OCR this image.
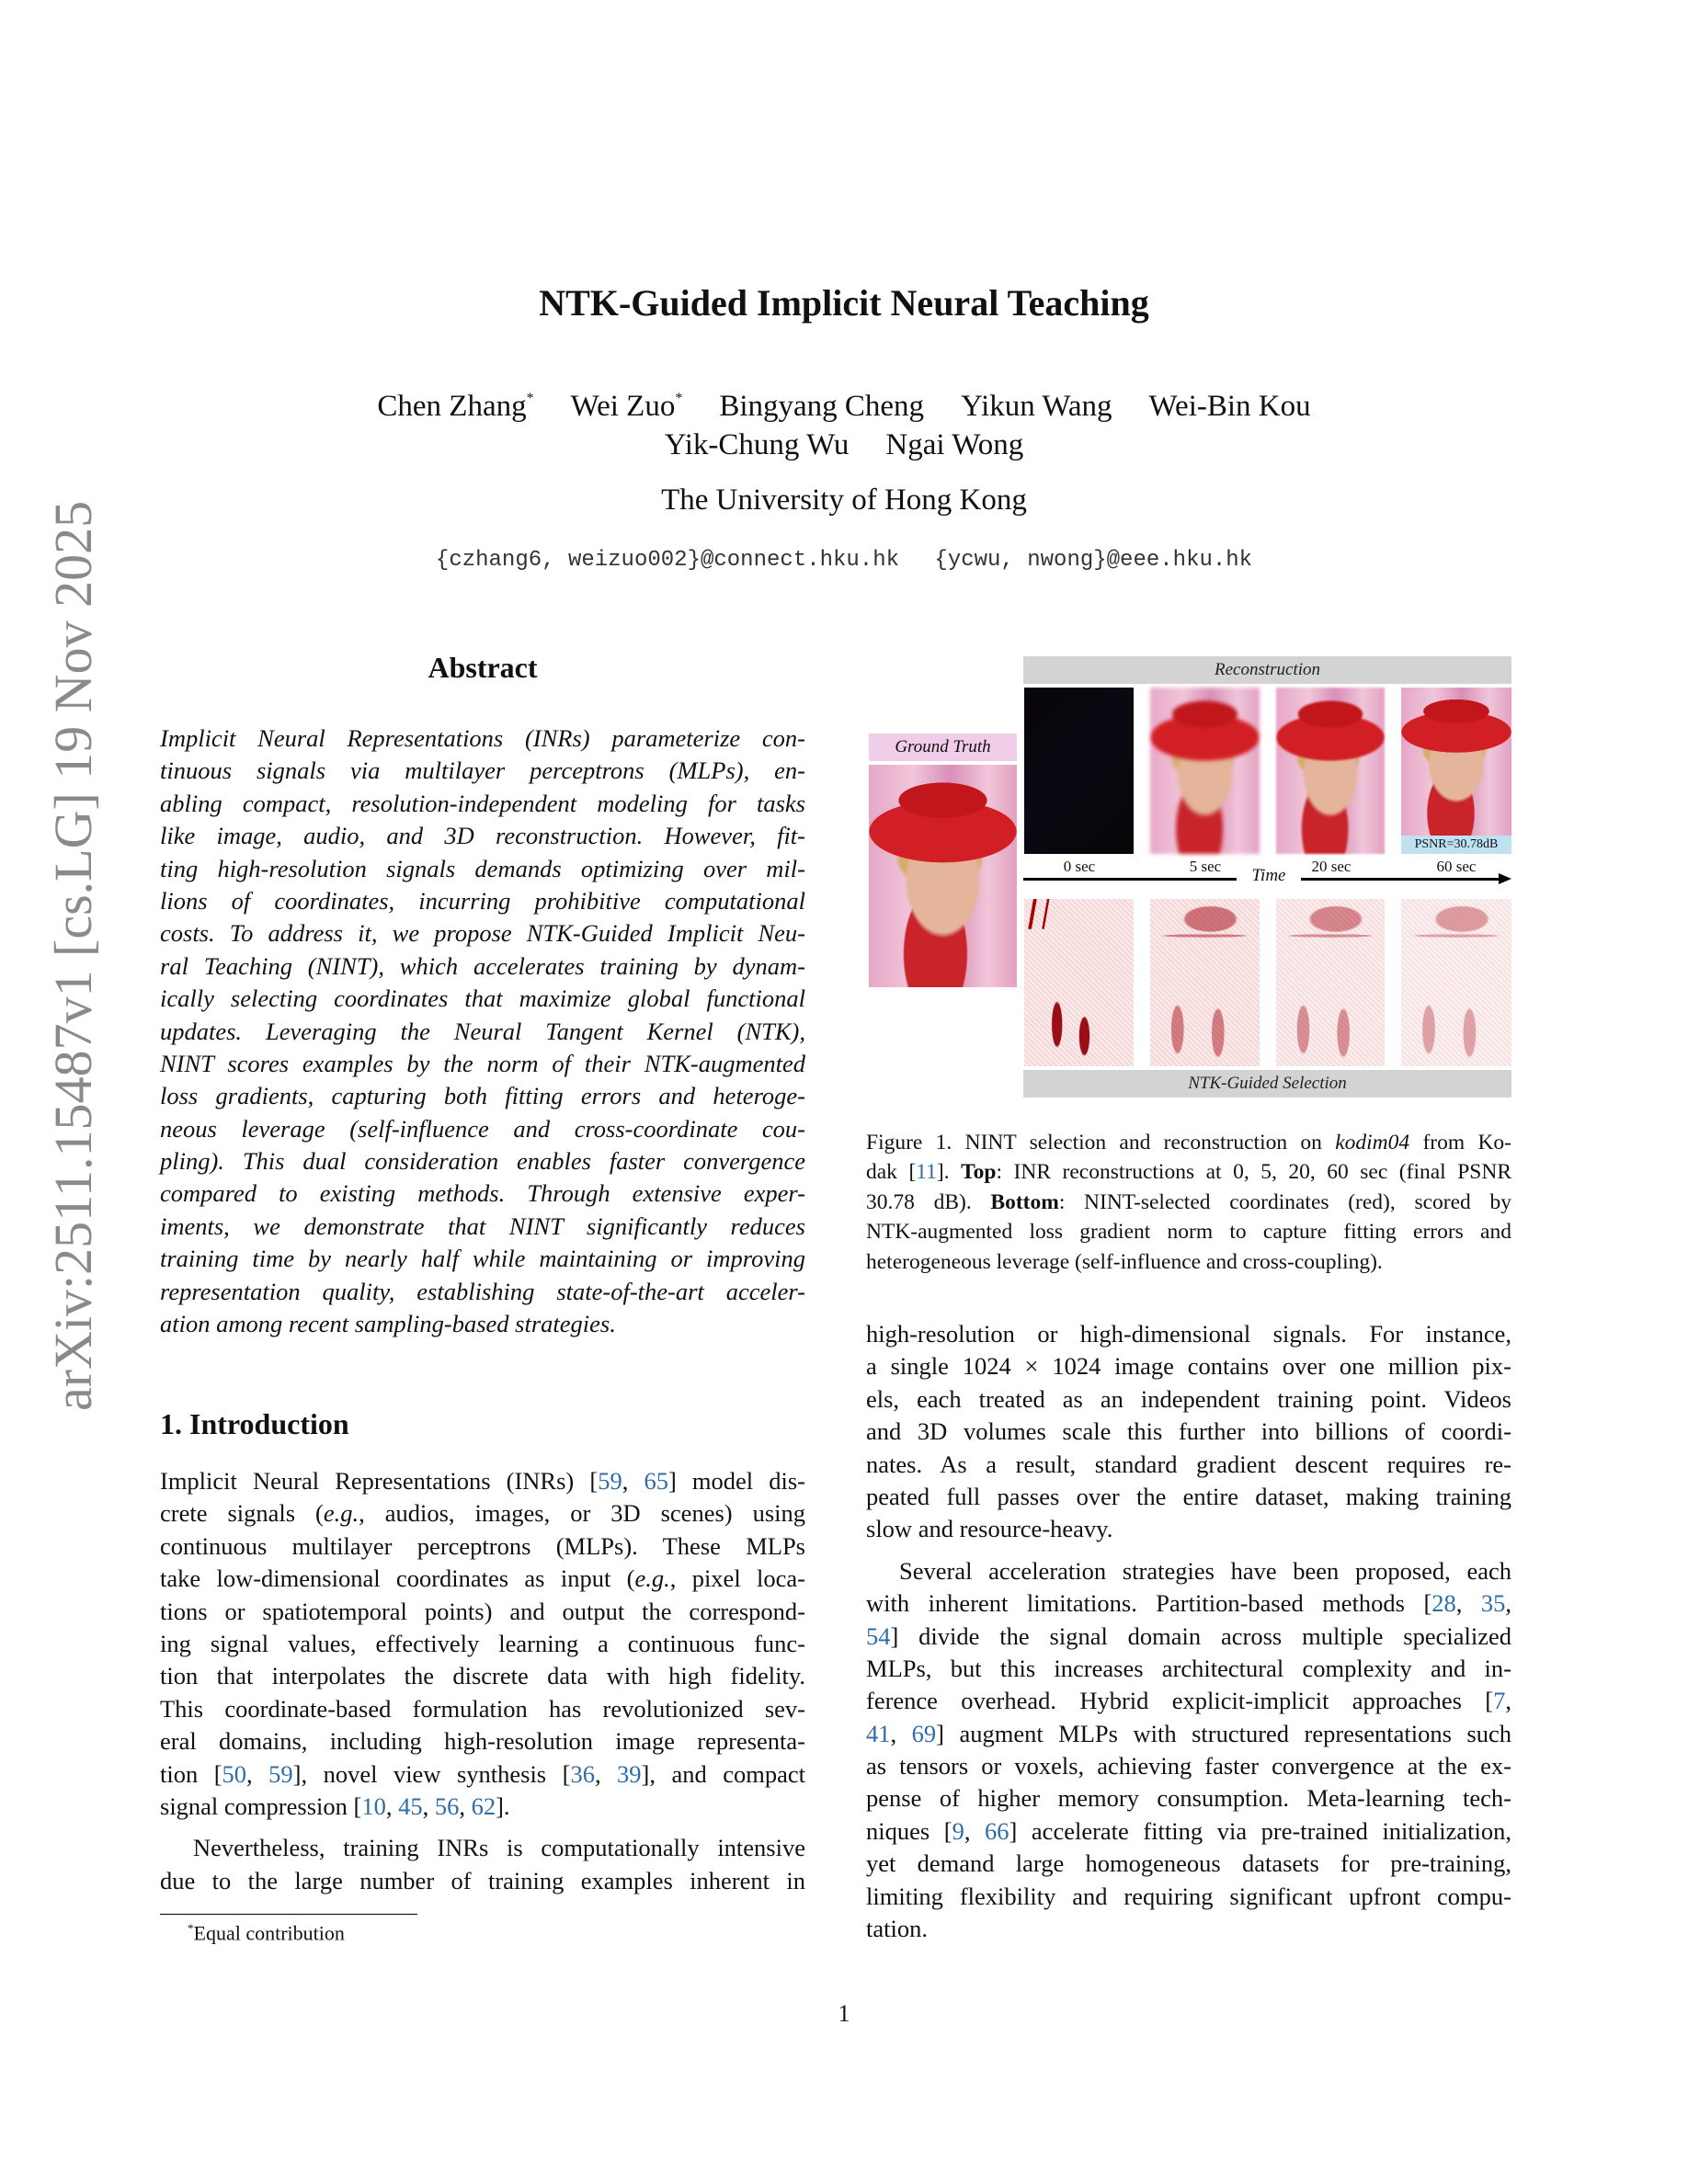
NTK-Guided Implicit Neural Teaching
Chen Zhang* Wei Zuo* Bingyang Cheng Yikun Wang Wei-Bin Kou
Yik-Chung Wu Ngai Wong
The University of Hong Kong
{czhang6, weizuo002}@connect.hku.hk {ycwu, nwong}@eee.hku.hk
arXiv:2511.15487v1 [cs.LG] 19 Nov 2025	Abstract
Implicit Neural Representations (INRs) parameterize con-
tinuous signals via multilayer perceptrons (MLPs), en-
abling compact, resolution-independent modeling for tasks
like image, audio, and 3D reconstruction. However, fit-
ting high-resolution signals demands optimizing over mil-
lions of coordinates, incurring prohibitive computational
costs. To address it, we propose NTK-Guided Implicit Neu-
ral Teaching (NINT), which accelerates training by dynam-
ically selecting coordinates that maximize global functional
updates. Leveraging the Neural Tangent Kernel (NTK),
NINT scores examples by the norm of their NTK-augmented
loss gradients, capturing both fitting errors and heteroge-
neous leverage (self-influence and cross-coordinate cou-
pling). This dual consideration enables faster convergence
compared to existing methods. Through extensive exper-
iments, we demonstrate that NINT significantly reduces
training time by nearly half while maintaining or improving
representation quality, establishing state-of-the-art acceler-
ation among recent sampling-based strategies.
1. Introduction
Implicit Neural Representations (INRs) [59, 65] model dis-
crete signals (e.g., audios, images, or 3D scenes) using
continuous multilayer perceptrons (MLPs). These MLPs
take low-dimensional coordinates as input (e.g., pixel loca-
tions or spatiotemporal points) and output the correspond-
ing signal values, effectively learning a continuous func-
tion that interpolates the discrete data with high fidelity.
This coordinate-based formulation has revolutionized sev-
eral domains, including high-resolution image representa-
tion [50, 59], novel view synthesis [36, 39], and compact
signal compression [10, 45, 56, 62].
Nevertheless, training INRs is computationally intensive
due to the large number of training examples inherent in
high-resolution or high-dimensional signals. For instance,
a single 1024 × 1024 image contains over one million pix-
els, each treated as an independent training point. Videos
and 3D volumes scale this further into billions of coordi-
nates. As a result, standard gradient descent requires re-
peated full passes over the entire dataset, making training
slow and resource-heavy.
Several acceleration strategies have been proposed, each
with inherent limitations. Partition-based methods [28, 35,
54] divide the signal domain across multiple specialized
MLPs, but this increases architectural complexity and in-
ference overhead. Hybrid explicit-implicit approaches [7,
41, 69] augment MLPs with structured representations such
as tensors or voxels, achieving faster convergence at the ex-
pense of higher memory consumption. Meta-learning tech-
niques [9, 66] accelerate fitting via pre-trained initialization,
yet demand large homogeneous datasets for pre-training,
limiting flexibility and requiring significant upfront compu-
tation.
Reconstruction
Ground Truth
PSNR=30.78dB
0 sec	5 sec	20 sec	60 sec
Time
NTK-Guided Selection
Figure 1. NINT selection and reconstruction on kodim04 from Ko-
dak [11]. Top: INR reconstructions at 0, 5, 20, 60 sec (final PSNR
30.78 dB). Bottom: NINT-selected coordinates (red), scored by
NTK-augmented loss gradient norm to capture fitting errors and
heterogeneous leverage (self-influence and cross-coupling).
*Equal contribution
1
